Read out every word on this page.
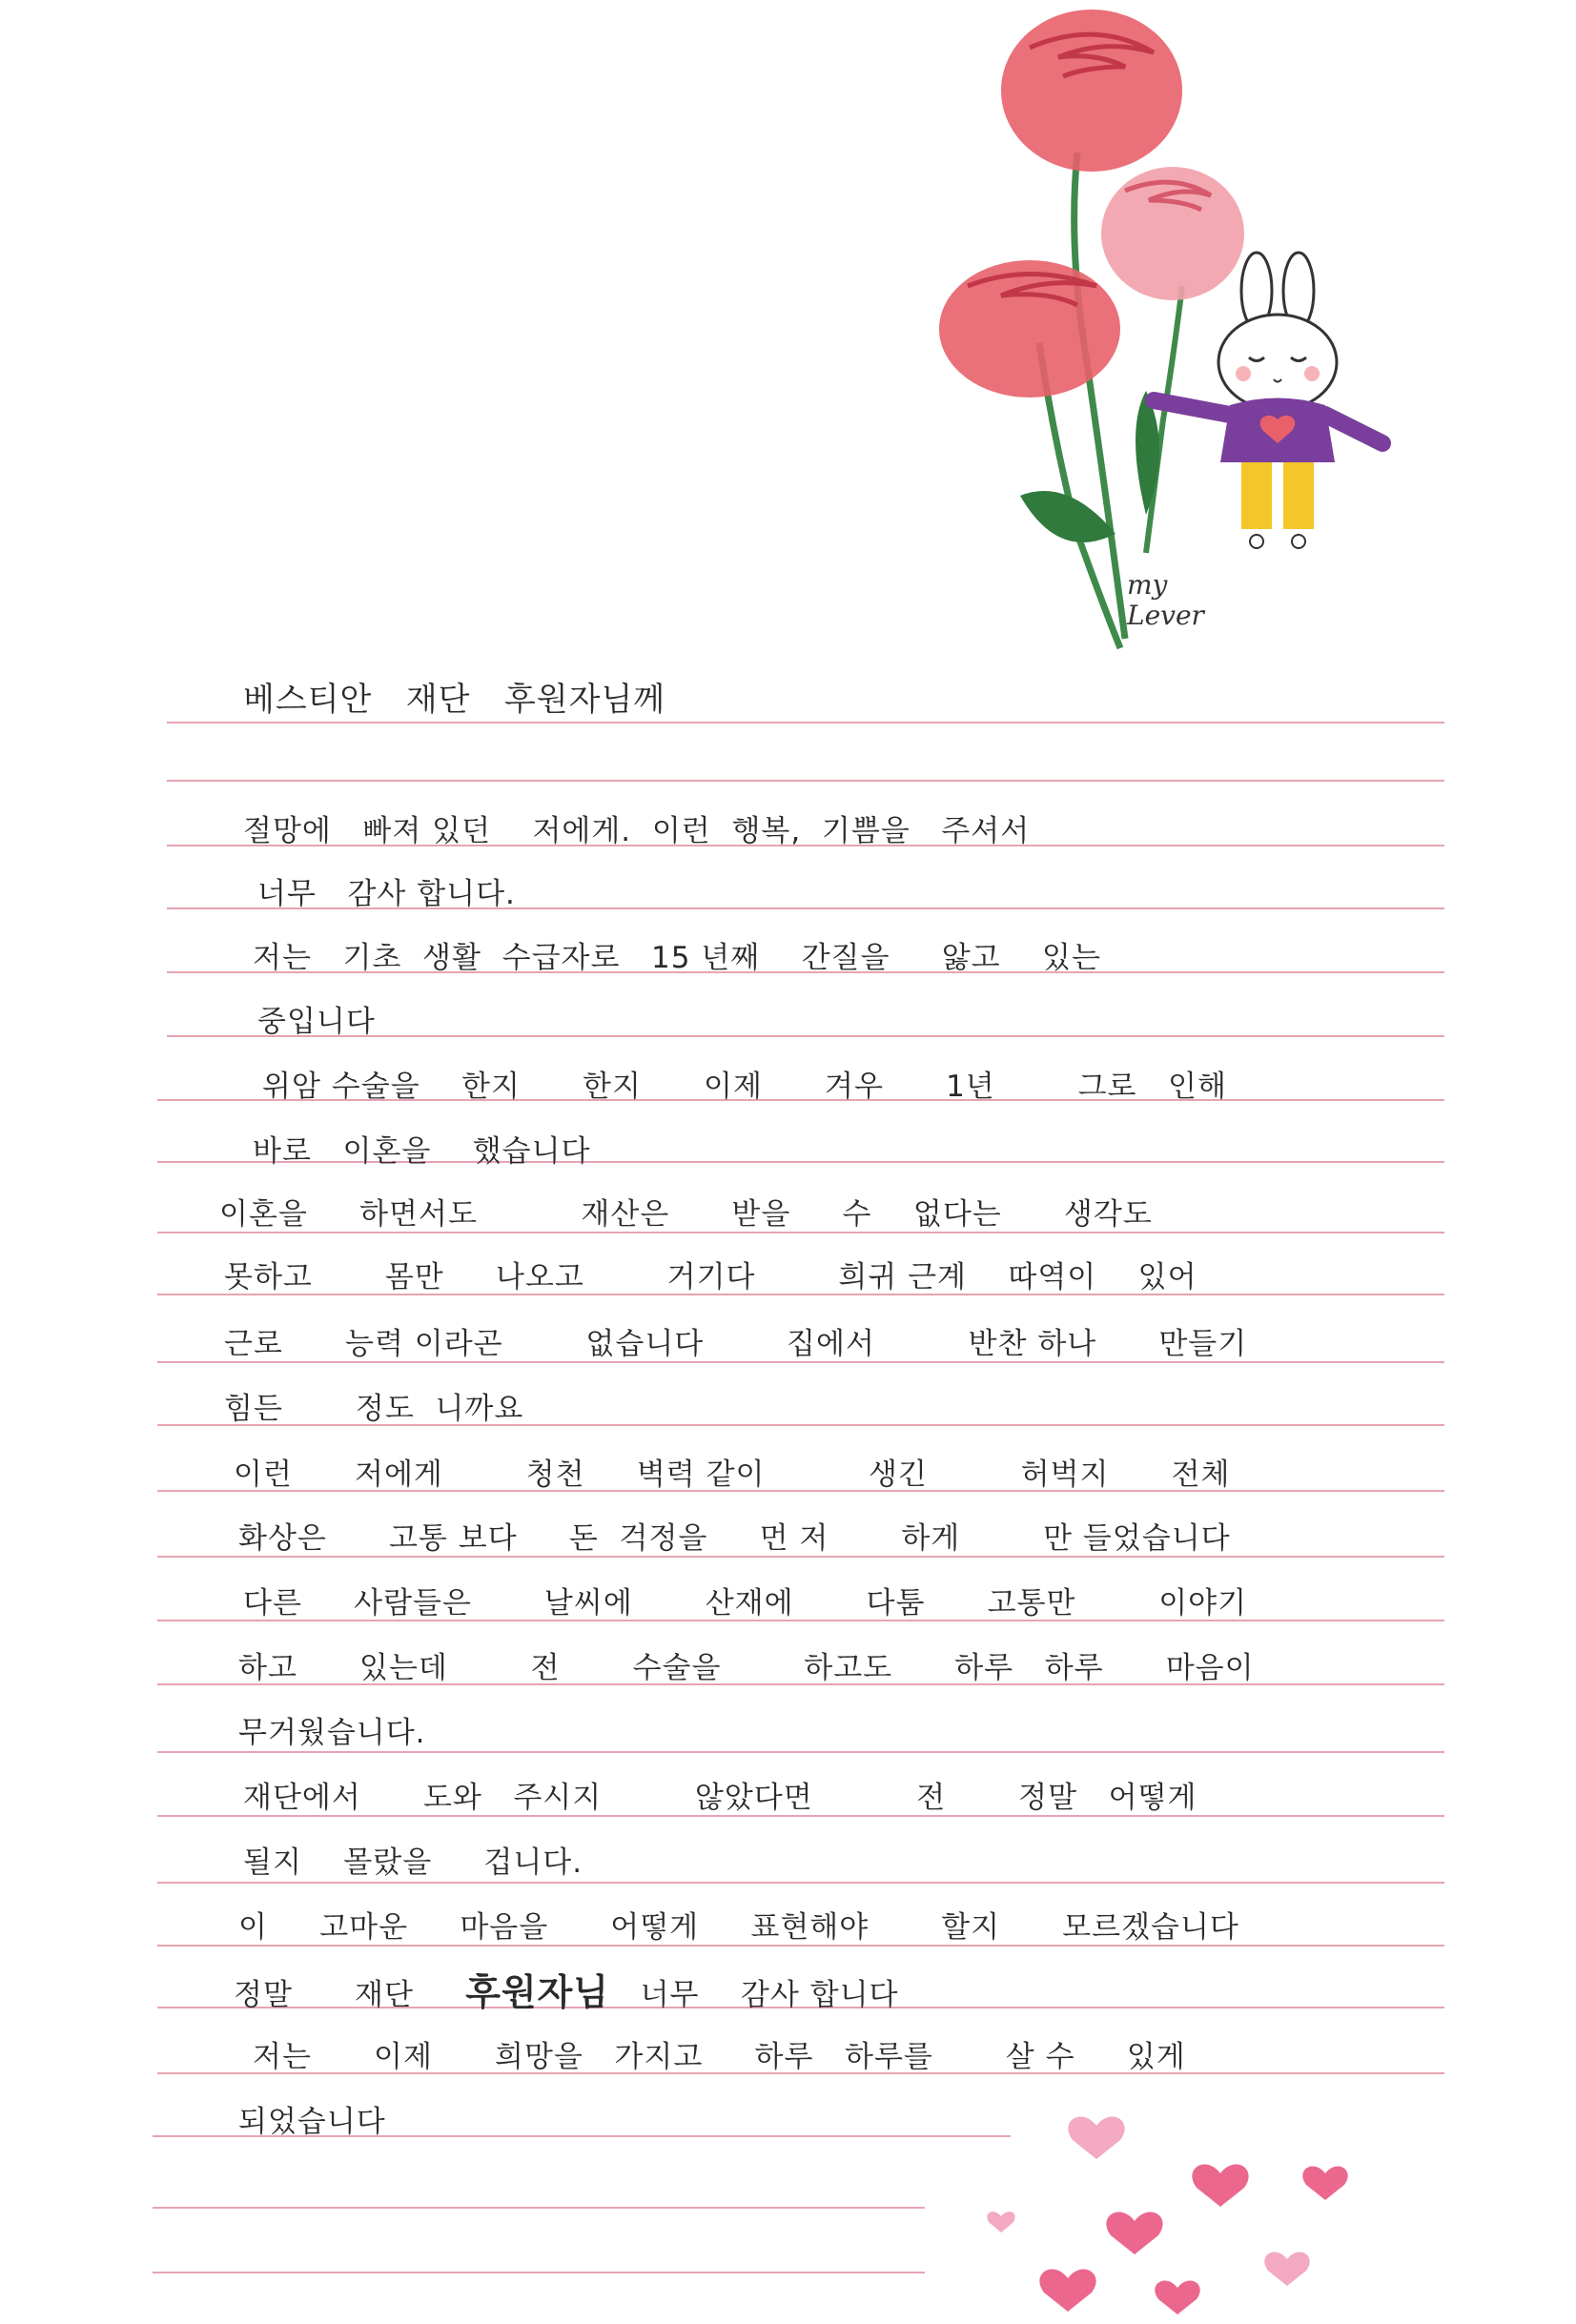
my
Lever
베스티안   재단   후원자님께
절망에   빠져 있던    저에게.  이런  행복,  기쁨을   주셔서
너무   감사 합니다.
저는   기초  생활  수급자로   15 년째    간질을     앓고    있는
중입니다
위암 수술을    한지      한지      이제      겨우      1년        그로   인해
바로   이혼을    했습니다
이혼을     하면서도          재산은      받을     수    없다는      생각도
못하고       몸만     나오고        거기다        희귀 근계    따역이    있어
근로      능력 이라곤        없습니다        집에서         반찬 하나      만들기
힘든       정도  니까요
이런      저에게        청천     벽력 같이          생긴         허벅지      전체
화상은      고통 보다     돈  걱정을     먼 저       하게        만 들었습니다
다른     사람들은       날씨에       산재에       다툼      고통만        이야기
하고      있는데        전       수술을        하고도      하루   하루      마음이
무거웠습니다.
재단에서      도와   주시지         않았다면          전       정말   어떻게
될지    몰랐을     겁니다.
이     고마운     마음을      어떻게     표현해야       할지      모르겠습니다
정말      재단     후원자님   너무    감사 합니다
저는      이제      희망을   가지고     하루   하루를       살 수     있게
되었습니다
